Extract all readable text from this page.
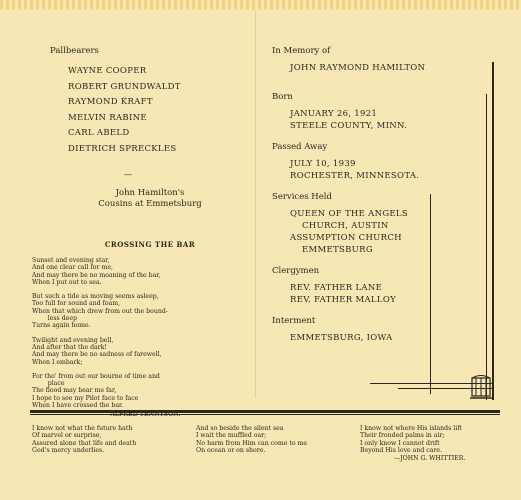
Pallbearers
WAYNE COOPER
ROBERT GRUNDWALDT
RAYMOND KRAFT
MELVIN RABINE
CARL ABELD
DIETRICH SPRECKLES
—
John Hamilton's
Cousins at Emmetsburg
CROSSING THE BAR
Sunset and evening star,
And one clear call for me,
And may there be no moaning of the bar,
When I put out to sea.
But such a tide as moving seems asleep,
Too full for sound and foam,
When that which drew from out the bound-
less deep
Turns again home.
Twilight and evening bell,
And after that the dark!
And may there be no sadness of farewell,
When I embark;
For tho' from out our bourne of time and
place
The flood may bear me far,
I hope to see my Pilot face to face
When I have crossed the bar.
In Memory of
JOHN RAYMOND HAMILTON
Born
JANUARY 26, 1921
STEELE COUNTY, MINN.
Passed Away
JULY 10, 1939
ROCHESTER, MINNESOTA.
Services Held
QUEEN OF THE ANGELS
CHURCH, AUSTIN
ASSUMPTION CHURCH
EMMETSBURG
Clergymen
REV. FATHER LANE
REV. FATHER MALLOY
Interment
EMMETSBURG, IOWA
I know not what the future hath
Of marvel or surprise,
Assured alone that life and death
God's mercy underlies.
And so beside the silent sea
I wait the muffled oar;
No harm from Him can come to me
On ocean or on shore.
I know not where His islands lift
Their fronded palms in air;
I only know I cannot drift
Beyond His love and care.
—JOHN G. WHITTIER.
